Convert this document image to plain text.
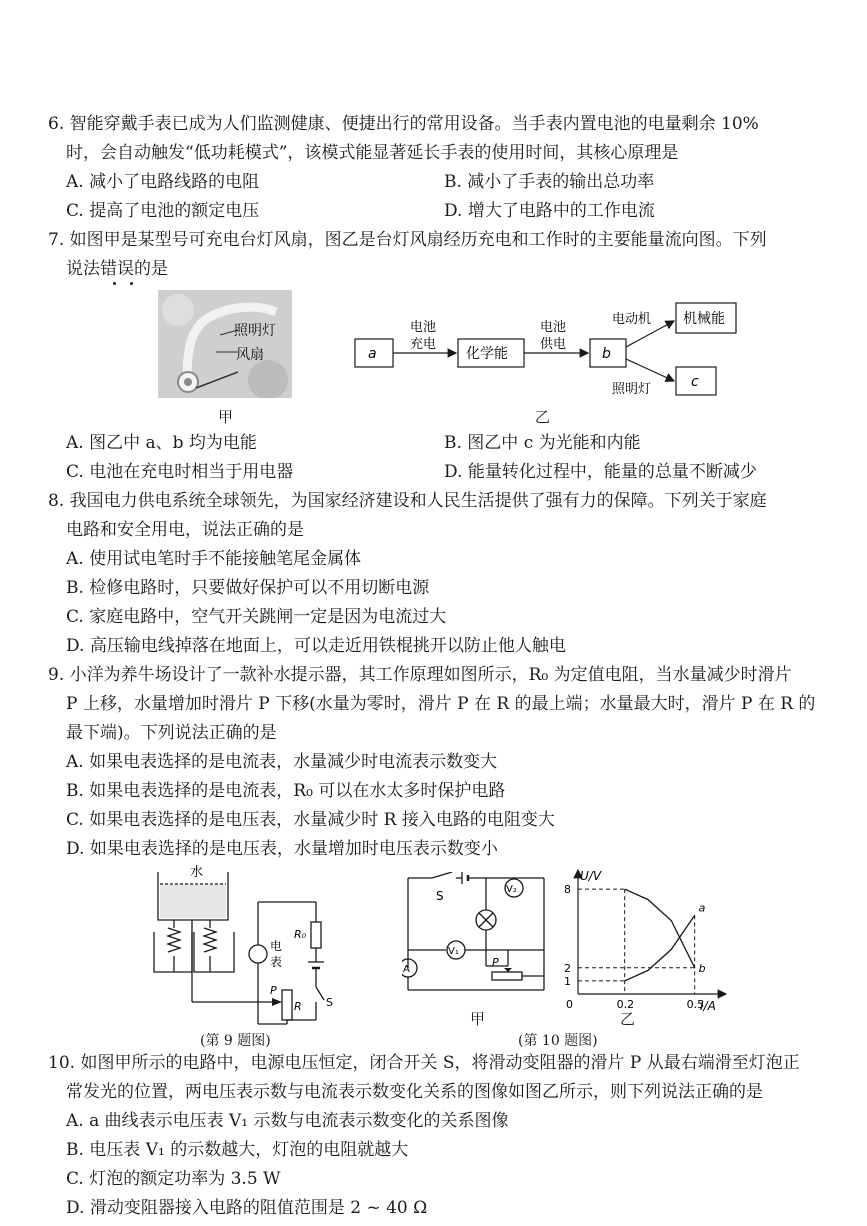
6. 智能穿戴手表已成为人们监测健康、便捷出行的常用设备。当手表内置电池的电量剩余 10%
时，会自动触发“低功耗模式”，该模式能显著延长手表的使用时间，其核心原理是
A. 减小了电路线路的电阻	B. 减小了手表的输出总功率
C. 提高了电池的额定电压	D. 增大了电路中的工作电流
7. 如图甲是某型号可充电台灯风扇，图乙是台灯风扇经历充电和工作时的主要能量流向图。下列
说法错误的是
照明灯
风扇
甲
a	化学能	b
机械能
c
电池
充电
电池
供电
电动机
照明灯
乙
A. 图乙中 a、b 均为电能	B. 图乙中 c 为光能和内能
C. 电池在充电时相当于用电器	D. 能量转化过程中，能量的总量不断减少
8. 我国电力供电系统全球领先，为国家经济建设和人民生活提供了强有力的保障。下列关于家庭
电路和安全用电，说法正确的是
A. 使用试电笔时手不能接触笔尾金属体
B. 检修电路时，只要做好保护可以不用切断电源
C. 家庭电路中，空气开关跳闸一定是因为电流过大
D. 高压输电线掉落在地面上，可以走近用铁棍挑开以防止他人触电
9. 小洋为养牛场设计了一款补水提示器，其工作原理如图所示，R₀ 为定值电阻，当水量减少时滑片
P 上移，水量增加时滑片 P 下移(水量为零时，滑片 P 在 R 的最上端；水量最大时，滑片 P 在 R 的
最下端)。下列说法正确的是
A. 如果电表选择的是电流表，水量减少时电流表示数变大
B. 如果电表选择的是电流表，R₀ 可以在水太多时保护电路
C. 如果电表选择的是电压表，水量减少时 R 接入电路的电阻变大
D. 如果电表选择的是电压表，水量增加时电压表示数变小
水
电
表
R₀
P
R S
(第 9 题图)
S	V₂
V₁
A
P
甲
(第 10 题图)
U/V
I/A
8
2
1
0	0.2	0.5
a
b
乙
10. 如图甲所示的电路中，电源电压恒定，闭合开关 S，将滑动变阻器的滑片 P 从最右端滑至灯泡正
常发光的位置，两电压表示数与电流表示数变化关系的图像如图乙所示，则下列说法正确的是
A. a 曲线表示电压表 V₁ 示数与电流表示数变化的关系图像
B. 电压表 V₁ 的示数越大，灯泡的电阻就越大
C. 灯泡的额定功率为 3.5 W
D. 滑动变阻器接入电路的阻值范围是 2 ~ 40 Ω
